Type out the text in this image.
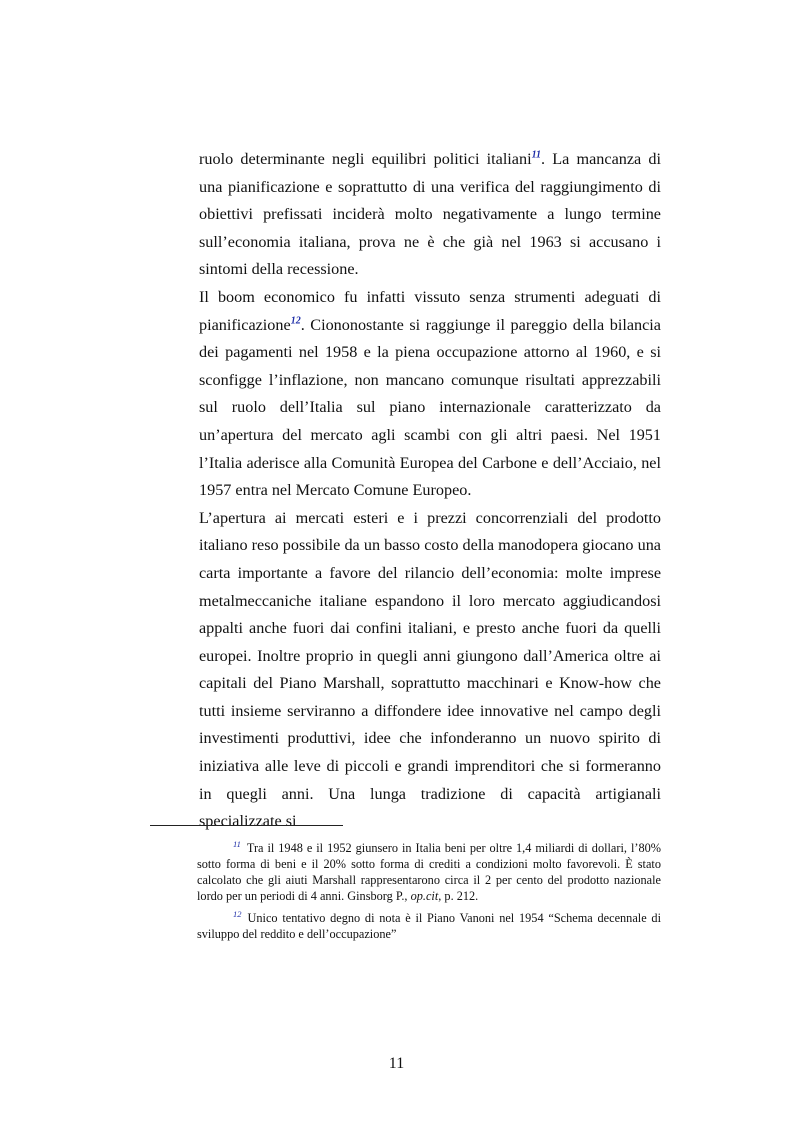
ruolo determinante negli equilibri politici italiani$^{11}$. La mancanza di una pianificazione e soprattutto di una verifica del raggiungimento di obiettivi prefissati inciderà molto negativamente a lungo termine sull’economia italiana, prova ne è che già nel 1963 si accusano i sintomi della recessione.

Il boom economico fu infatti vissuto senza strumenti adeguati di pianificazione$^{12}$. Ciononostante si raggiunge il pareggio della bilancia dei pagamenti nel 1958 e la piena occupazione attorno al 1960, e si sconfigge l’inflazione, non mancano comunque risultati apprezzabili sul ruolo dell’Italia sul piano internazionale caratterizzato da un’apertura del mercato agli scambi con gli altri paesi. Nel 1951 l’Italia aderisce alla Comunità Europea del Carbone e dell’Acciaio, nel 1957 entra nel Mercato Comune Europeo.

L’apertura ai mercati esteri e i prezzi concorrenziali del prodotto italiano reso possibile da un basso costo della manodopera giocano una carta importante a favore del rilancio dell’economia: molte imprese metalmeccaniche italiane espandono il loro mercato aggiudicandosi appalti anche fuori dai confini italiani, e presto anche fuori da quelli europei. Inoltre proprio in quegli anni giungono dall’America oltre ai capitali del Piano Marshall, soprattutto macchinari e Know-how che tutti insieme serviranno a diffondere idee innovative nel campo degli investimenti produttivi, idee che infonderanno un nuovo spirito di iniziativa alle leve di piccoli e grandi imprenditori che si formeranno in quegli anni. Una lunga tradizione di capacità artigianali specializzate si

$^{11}$ Tra il 1948 e il 1952 giunsero in Italia beni per oltre 1,4 miliardi di dollari, l’80% sotto forma di beni e il 20% sotto forma di crediti a condizioni molto favorevoli. È stato calcolato che gli aiuti Marshall rappresentarono circa il 2 per cento del prodotto nazionale lordo per un periodi di 4 anni. Ginsborg P., op.cit, p. 212.

$^{12}$ Unico tentativo degno di nota è il Piano Vanoni nel 1954 “Schema decennale di sviluppo del reddito e dell’occupazione”

11
